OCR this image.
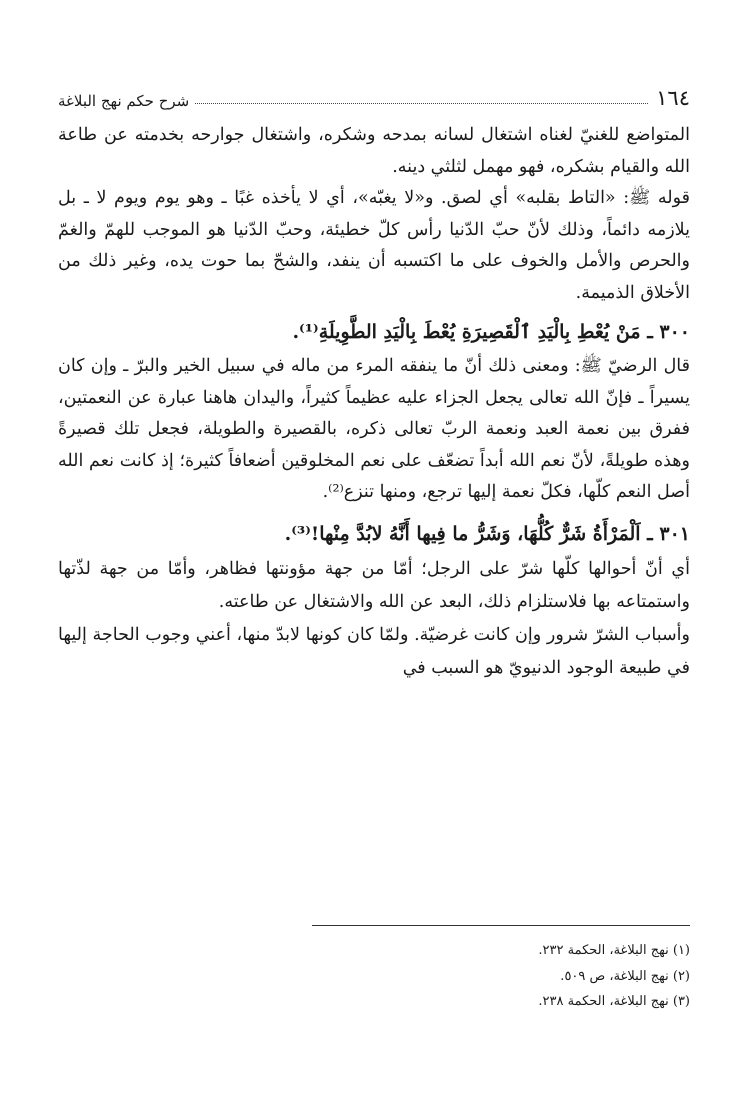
١٦٤
شرح حكم نهج البلاغة

المتواضع للغنيّ لغناه اشتغال لسانه بمدحه وشكره، واشتغال جوارحه بخدمته عن طاعة الله والقيام بشكره، فهو مهمل لثلثي دينه.

قوله ﷺ: «التاط بقلبه» أي لصق. و«لا يغبّه»، أي لا يأخذه غبًا ـ وهو يوم ويوم لا ـ بل يلازمه دائماً، وذلك لأنّ حبّ الدّنيا رأس كلّ خطيئة، وحبّ الدّنيا هو الموجب للهمّ والغمّ والحرص والأمل والخوف على ما اكتسبه أن ينفد، والشحّ بما حوت يده، وغير ذلك من الأخلاق الذميمة.

٣٠٠ ـ مَنْ يُعْطِ بِالْيَدِ ٱلْقَصِيرَةِ يُعْطَ بِالْيَدِ الطَّوِيلَةِ⁽¹⁾.

قال الرضيّ ﷺ: ومعنى ذلك أنّ ما ينفقه المرء من ماله في سبيل الخير والبرّ ـ وإن كان يسيراً ـ فإنّ الله تعالى يجعل الجزاء عليه عظيماً كثيراً، واليدان هاهنا عبارة عن النعمتين، ففرق بين نعمة العبد ونعمة الربّ تعالى ذكره، بالقصيرة والطويلة، فجعل تلك قصيرةً وهذه طويلةً، لأنّ نعم الله أبداً تضعّف على نعم المخلوقين أضعافاً كثيرة؛ إذ كانت نعم الله أصل النعم كلّها، فكلّ نعمة إليها ترجع، ومنها تنزع⁽²⁾.

٣٠١ ـ اَلْمَرْأَةُ شَرٌّ كُلُّهَا، وَشَرُّ ما فِيها أَنَّهُ لابُدَّ مِنْها!⁽³⁾.

أي أنّ أحوالها كلّها شرّ على الرجل؛ أمّا من جهة مؤونتها فظاهر، وأمّا من جهة لذّتها واستمتاعه بها فلاستلزام ذلك، البعد عن الله والاشتغال عن طاعته.

وأسباب الشرّ شرور وإن كانت غرضيّة. ولمّا كان كونها لابدّ منها، أعني وجوب الحاجة إليها في طبيعة الوجود الدنيويّ هو السبب في

(١) نهج البلاغة، الحكمة ٢٣٢.
(٢) نهج البلاغة، ص ٥٠٩.
(٣) نهج البلاغة، الحكمة ٢٣٨.
